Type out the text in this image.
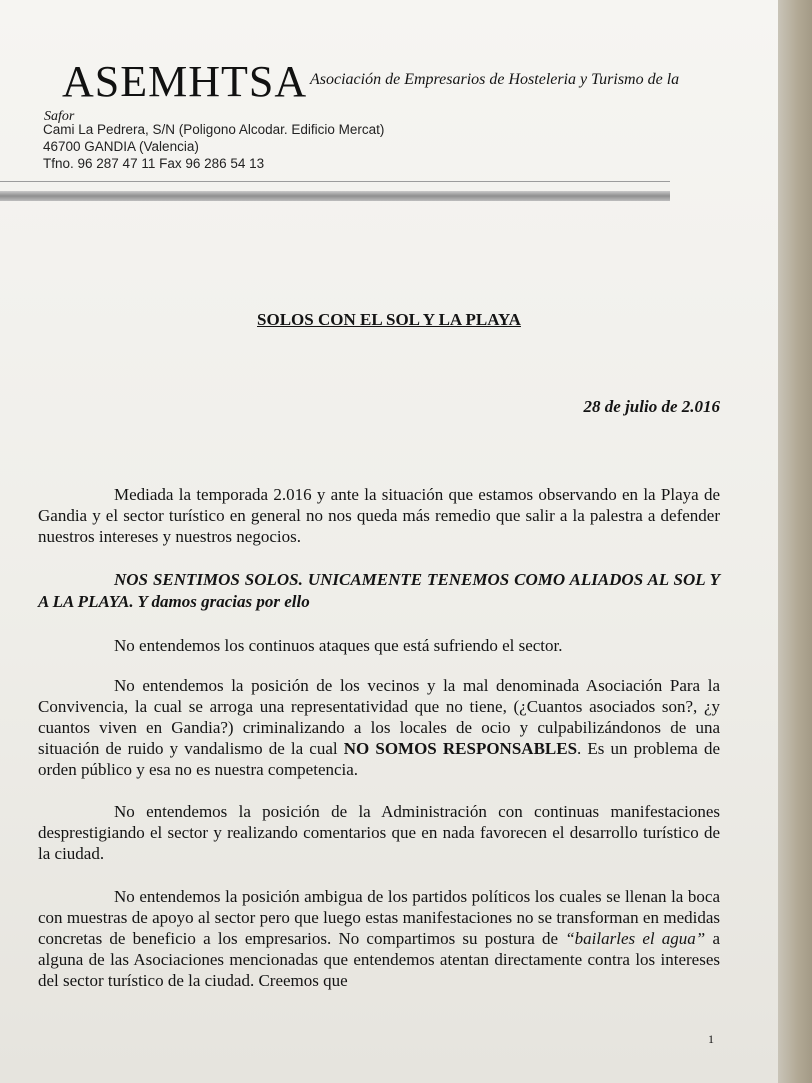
ASEMHTSA Asociación de Empresarios de Hosteleria y Turismo de la
Safor
Cami La Pedrera, S/N (Poligono Alcodar. Edificio Mercat)
46700 GANDIA (Valencia)
Tfno. 96 287 47 11 Fax 96 286 54 13
SOLOS CON EL SOL Y LA PLAYA
28 de julio de 2.016

Mediada la temporada 2.016 y ante la situación que estamos observando en la Playa de Gandia y el sector turístico en general no nos queda más remedio que salir a la palestra a defender nuestros intereses y nuestros negocios.

NOS SENTIMOS SOLOS. UNICAMENTE TENEMOS COMO ALIADOS AL SOL Y A LA PLAYA. Y damos gracias por ello

No entendemos los continuos ataques que está sufriendo el sector.

No entendemos la posición de los vecinos y la mal denominada Asociación Para la Convivencia, la cual se arroga una representatividad que no tiene, (¿Cuantos asociados son?, ¿y cuantos viven en Gandia?) criminalizando a los locales de ocio y culpabilizándonos de una situación de ruido y vandalismo de la cual NO SOMOS RESPONSABLES. Es un problema de orden público y esa no es nuestra competencia.

No entendemos la posición de la Administración con continuas manifestaciones desprestigiando el sector y realizando comentarios que en nada favorecen el desarrollo turístico de la ciudad.

No entendemos la posición ambigua de los partidos políticos los cuales se llenan la boca con muestras de apoyo al sector pero que luego estas manifestaciones no se transforman en medidas concretas de beneficio a los empresarios. No compartimos su postura de “bailarles el agua” a alguna de las Asociaciones mencionadas que entendemos atentan directamente contra los intereses del sector turístico de la ciudad. Creemos que

1
